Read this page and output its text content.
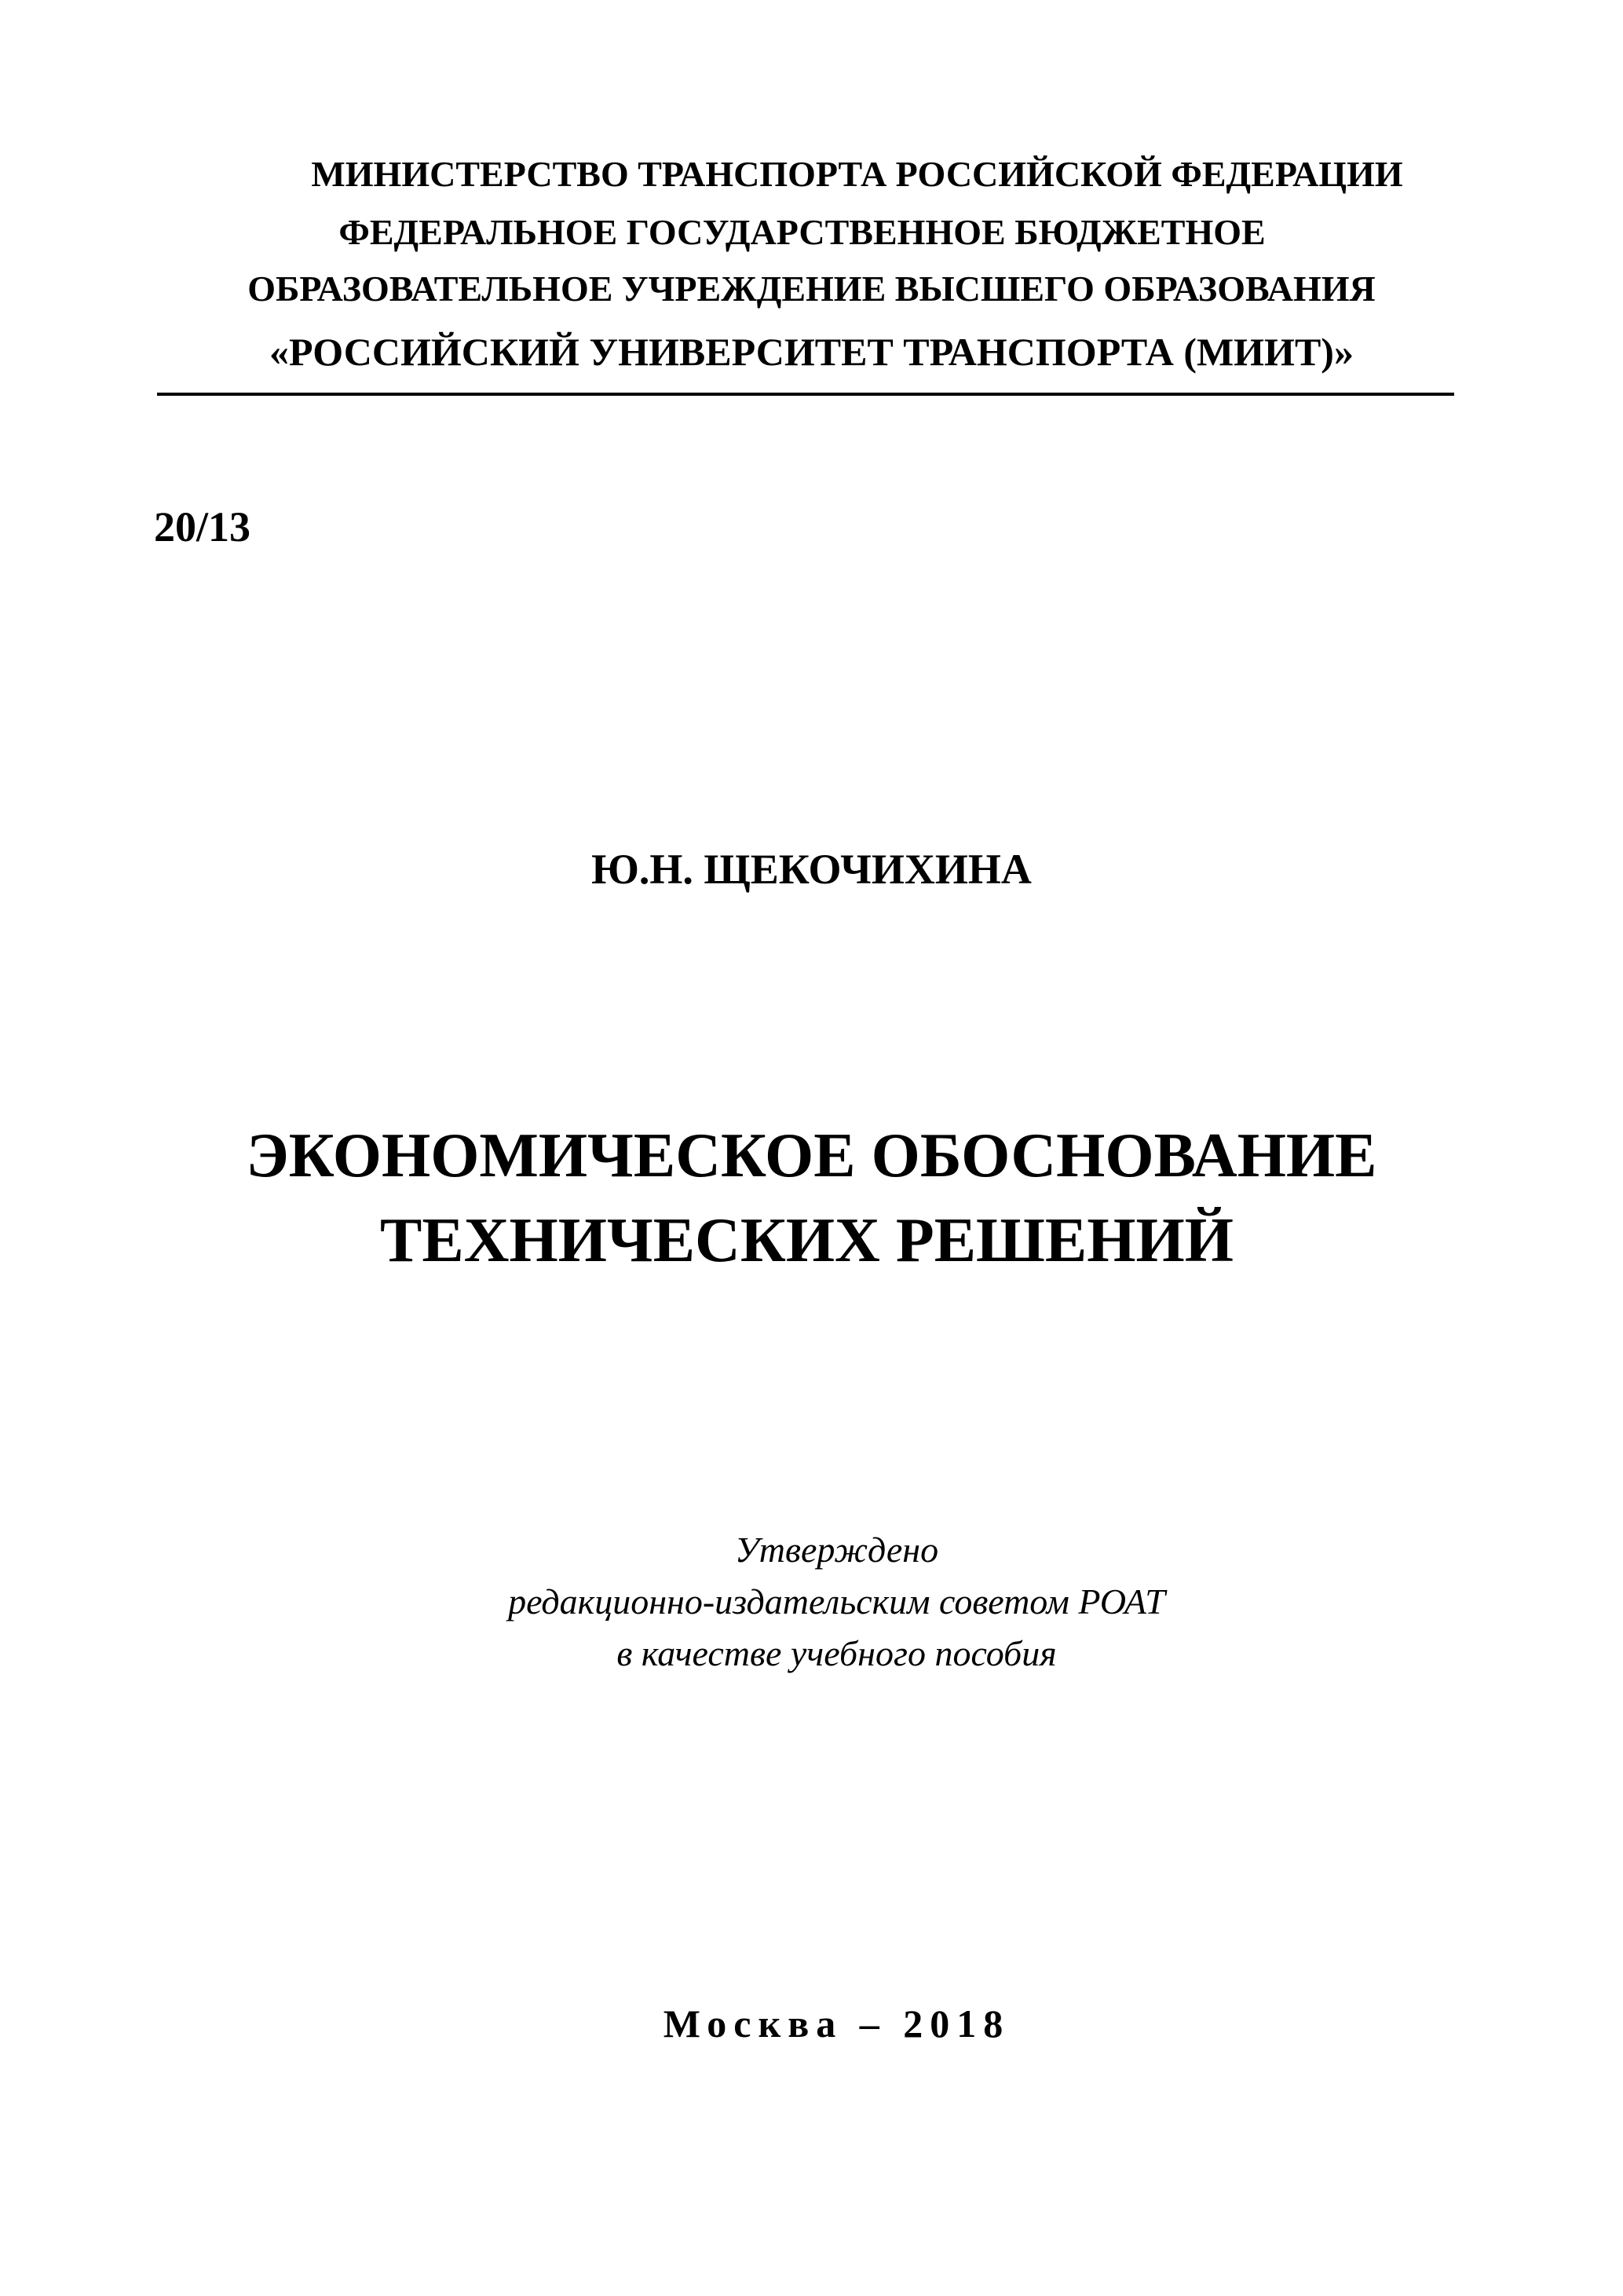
МИНИСТЕРСТВО ТРАНСПОРТА РОССИЙСКОЙ ФЕДЕРАЦИИ
ФЕДЕРАЛЬНОЕ ГОСУДАРСТВЕННОЕ БЮДЖЕТНОЕ
ОБРАЗОВАТЕЛЬНОЕ УЧРЕЖДЕНИЕ ВЫСШЕГО ОБРАЗОВАНИЯ
«РОССИЙСКИЙ УНИВЕРСИТЕТ ТРАНСПОРТА (МИИТ)»
20/13
Ю.Н. ЩЕКОЧИХИНА
ЭКОНОМИЧЕСКОЕ ОБОСНОВАНИЕ
ТЕХНИЧЕСКИХ РЕШЕНИЙ
Утверждено
редакционно-издательским советом РОАТ
в качестве учебного пособия
Москва – 2018
